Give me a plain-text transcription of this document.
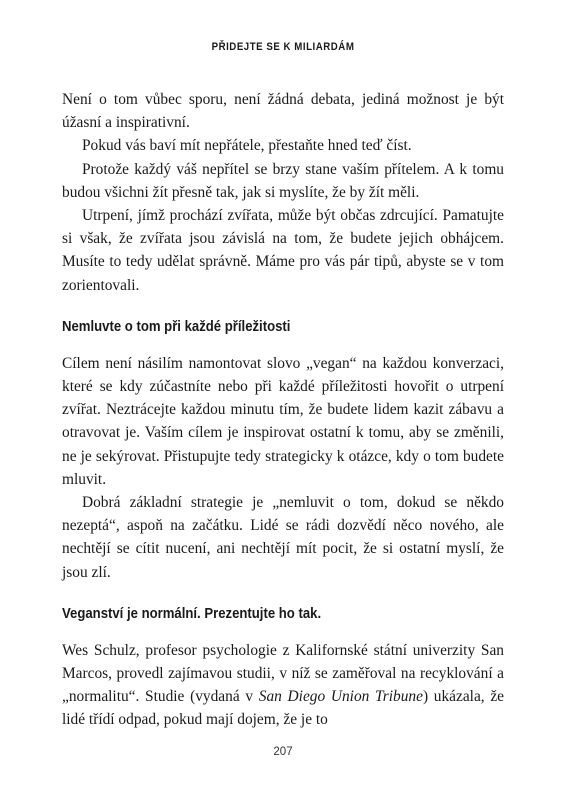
PŘIDEJTE SE K MILIARDÁM

Není o tom vůbec sporu, není žádná debata, jediná možnost je být úžasní a inspirativní.

Pokud vás baví mít nepřátele, přestaňte hned teď číst.

Protože každý váš nepřítel se brzy stane vaším přítelem. A k tomu budou všichni žít přesně tak, jak si myslíte, že by žít měli.

Utrpení, jímž prochází zvířata, může být občas zdrcující. Pamatujte si však, že zvířata jsou závislá na tom, že budete jejich obhájcem. Musíte to tedy udělat správně. Máme pro vás pár tipů, abyste se v tom zorientovali.

Nemluvte o tom při každé příležitosti

Cílem není násilím namontovat slovo „vegan“ na každou konverzaci, které se kdy zúčastníte nebo při každé příležitosti hovořit o utrpení zvířat. Neztrácejte každou minutu tím, že budete lidem kazit zábavu a otravovat je. Vaším cílem je inspirovat ostatní k tomu, aby se změnili, ne je sekýrovat. Přistupujte tedy strategicky k otázce, kdy o tom budete mluvit.

Dobrá základní strategie je „nemluvit o tom, dokud se někdo nezeptá“, aspoň na začátku. Lidé se rádi dozvědí něco nového, ale nechtějí se cítit nucení, ani nechtějí mít pocit, že si ostatní myslí, že jsou zlí.

Veganství je normální. Prezentujte ho tak.

Wes Schulz, profesor psychologie z Kalifornské státní univerzity San Marcos, provedl zajímavou studii, v níž se zaměřoval na recyklování a „normalitu“. Studie (vydaná v San Diego Union Tribune) ukázala, že lidé třídí odpad, pokud mají dojem, že je to

207
